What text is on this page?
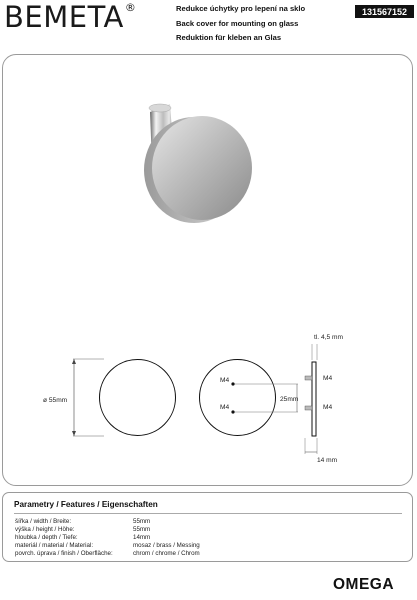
BEMETA®	Redukce úchytky pro lepení na sklo
Back cover for mounting on glass
Reduktion für kleben an Glas
131567152
ø 55mm
M4
M4
25mm
tl. 4,5 mm
M4
M4
14 mm
Parametry / Features / Eigenschaften
šířka / width / Breite:	55mm
výška / height / Höhe:	55mm
hloubka / depth / Tiefe:	14mm
materiál / material / Material:	mosaz / brass / Messing
povrch. úprava / finish / Oberfläche:	chrom / chrome / Chrom
OMEGA
